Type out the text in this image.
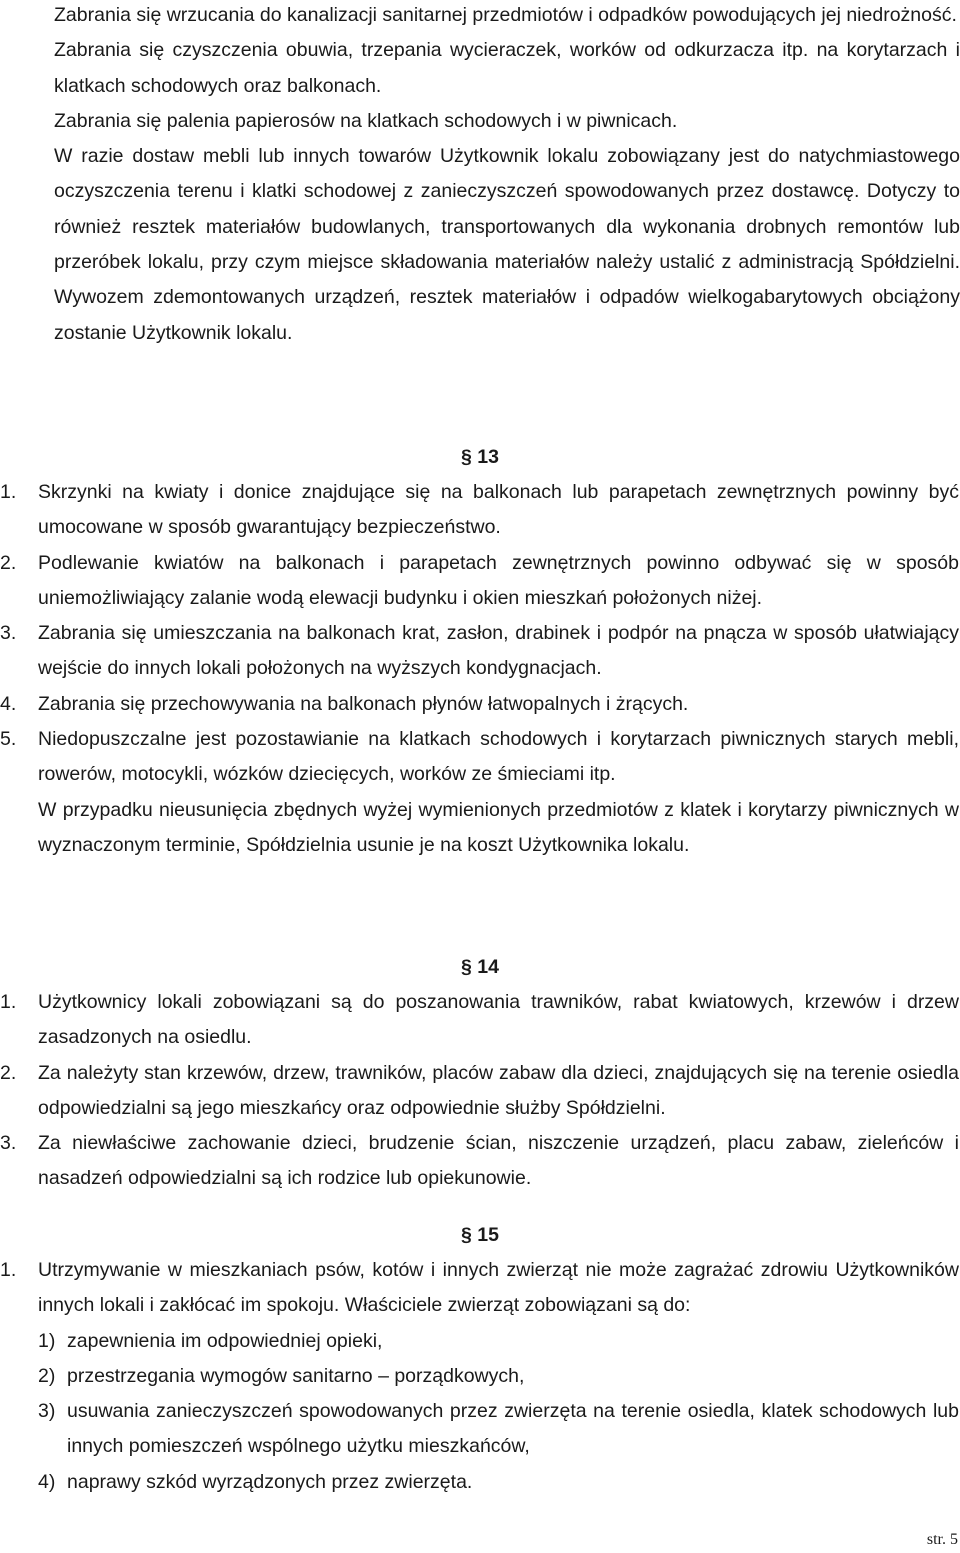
Zabrania się wrzucania do kanalizacji sanitarnej przedmiotów i odpadków powodujących jej niedrożność.
Zabrania się czyszczenia obuwia, trzepania wycieraczek, worków od odkurzacza itp. na korytarzach i klatkach schodowych oraz balkonach.
Zabrania się palenia papierosów na klatkach schodowych i w piwnicach.
W razie dostaw mebli lub innych towarów Użytkownik lokalu zobowiązany jest do natychmiastowego oczyszczenia terenu i klatki schodowej z zanieczyszczeń spowodowanych przez dostawcę. Dotyczy to również resztek materiałów budowlanych, transportowanych dla wykonania drobnych remontów lub przeróbek lokalu, przy czym miejsce składowania materiałów należy ustalić z administracją Spółdzielni. Wywozem zdemontowanych urządzeń, resztek materiałów i odpadów wielkogabarytowych obciążony zostanie Użytkownik lokalu.
§ 13
1. Skrzynki na kwiaty i donice znajdujące się na balkonach lub parapetach zewnętrznych powinny być umocowane w sposób gwarantujący bezpieczeństwo.
2. Podlewanie kwiatów na balkonach i parapetach zewnętrznych powinno odbywać się w sposób uniemożliwiający zalanie wodą elewacji budynku i okien mieszkań położonych niżej.
3. Zabrania się umieszczania na balkonach krat, zasłon, drabinek i podpór na pnącza w sposób ułatwiający wejście do innych lokali położonych na wyższych kondygnacjach.
4. Zabrania się przechowywania na balkonach płynów łatwopalnych i żrących.
5. Niedopuszczalne jest pozostawianie na klatkach schodowych i korytarzach piwnicznych starych mebli, rowerów, motocykli, wózków dziecięcych, worków ze śmieciami itp.
W przypadku nieusunięcia zbędnych wyżej wymienionych przedmiotów z klatek i korytarzy piwnicznych w wyznaczonym terminie, Spółdzielnia usunie je na koszt Użytkownika lokalu.
§ 14
1. Użytkownicy lokali zobowiązani są do poszanowania trawników, rabat kwiatowych, krzewów i drzew zasadzonych na osiedlu.
2. Za należyty stan krzewów, drzew, trawników, placów zabaw dla dzieci, znajdujących się na terenie osiedla odpowiedzialni są jego mieszkańcy oraz odpowiednie służby Spółdzielni.
3. Za niewłaściwe zachowanie dzieci, brudzenie ścian, niszczenie urządzeń, placu zabaw, zieleńców i nasadzeń odpowiedzialni są ich rodzice lub opiekunowie.
§ 15
1. Utrzymywanie w mieszkaniach psów, kotów i innych zwierząt nie może zagrażać zdrowiu Użytkowników innych lokali i zakłócać im spokoju. Właściciele zwierząt zobowiązani są do:
1) zapewnienia im odpowiedniej opieki,
2) przestrzegania wymogów sanitarno – porządkowych,
3) usuwania zanieczyszczeń spowodowanych przez zwierzęta na terenie osiedla, klatek schodowych lub innych pomieszczeń wspólnego użytku mieszkańców,
4) naprawy szkód wyrządzonych przez zwierzęta.
str. 5
